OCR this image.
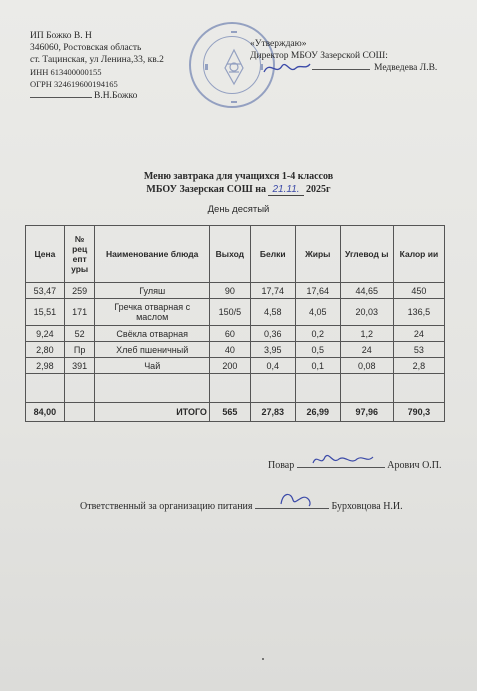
ИП Божко В. Н
346060, Ростовская область
ст. Тацинская, ул Ленина,33, кв.2
ИНН 613400000155
ОГРН 324619600194165
В.Н.Божко
«Утверждаю»
Директор МБОУ Зазерской СОШ:
Медведева Л.В.
Меню завтрака для учащихся 1-4 классов
МБОУ Зазерская СОШ на 21.11. 2025г
День десятый
Цена	№ рец епт уры	Наименование блюда	Выход	Белки	Жиры	Углевод ы	Калор ии
53,47	259	Гуляш	90	17,74	17,64	44,65	450
15,51	171	Гречка отварная с маслом	150/5	4,58	4,05	20,03	136,5
9,24	52	Свёкла отварная	60	0,36	0,2	1,2	24
2,80	Пр	Хлеб пшеничный	40	3,95	0,5	24	53
2,98	391	Чай	200	0,4	0,1	0,08	2,8

84,00		ИТОГО	565	27,83	26,99	97,96	790,3
Повар	Арович О.П.
Ответственный за организацию питания	Бурховцова Н.И.
